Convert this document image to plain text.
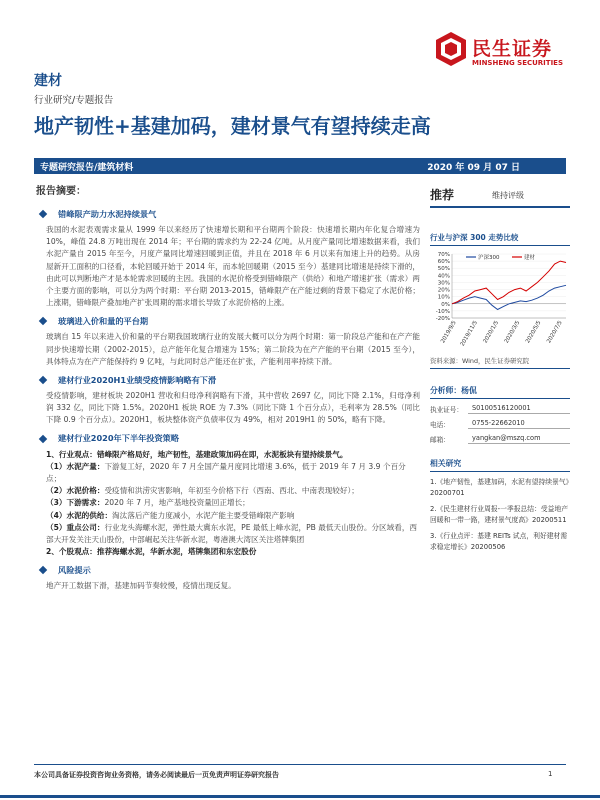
民生证券
MINSHENG SECURITIES
建材
行业研究/专题报告
地产韧性+基建加码，建材景气有望持续走高
专题研究报告/建筑材料	2020 年 09 月 07 日
报告摘要：
错峰限产助力水泥持续景气
我国的水泥表观需求量从 1999 年以来经历了快速增长期和平台期两个阶段：快速增长期内年化复合增速为 10%，峰值 24.8 万吨出现在 2014 年；平台期的需求约为 22-24 亿吨。从月度产量同比增速数据来看，我们水泥产量自 2015 年至今，月度产量同比增速回暖到正值，并且在 2018 年 6 月以来有加速上升的趋势。从房屋新开工面积的口径看，本轮回暖开始于 2014 年，而本轮回暖期（2015 至今）基建同比增速是持续下滑的，由此可以判断地产才是本轮需求回暖的主因。我国的水泥价格受到错峰限产（供给）和地产增速扩张（需求）两个主要方面的影响，可以分为两个时期：平台期 2013-2015，错峰限产在产能过剩的背景下稳定了水泥价格；上涨期，错峰限产叠加地产扩张周期的需求增长导致了水泥价格的上涨。
玻璃进入价和量的平台期
玻璃自 15 年以来进入价和量的平台期我国玻璃行业的发展大概可以分为两个时期：第一阶段总产能和在产产能同步快速增长期（2002-2015），总产能年化复合增速为 15%；第二阶段为在产产能的平台期（2015 至今），具体特点为在产产能保持约 9 亿吨，与此同时总产能还在扩张，产能利用率持续下滑。
建材行业2020H1业绩受疫情影响略有下滑
受疫情影响，建材板块 2020H1 营收和归母净利润略有下滑，其中营收 2697 亿，同比下降 2.1%，归母净利润 332 亿，同比下降 1.5%。2020H1 板块 ROE 为 7.3%（同比下降 1 个百分点），毛利率为 28.5%（同比下降 0.9 个百分点）。2020H1，板块整体资产负债率仅为 49%，相对 2019H1 的 50%，略有下降。
建材行业2020年下半年投资策略
1、行业观点：错峰限产格局好，地产韧性，基建政策加码在即，水泥板块有望持续景气。
（1）水泥产量：下游复工好，2020 年 7 月全国产量月度同比增速 3.6%，低于 2019 年 7 月 3.9 个百分点；
（2）水泥价格：受疫情和洪涝灾害影响，年初至今价格下行（西南、西北、中南表现较好）；
（3）下游需求：2020 年 7 月，地产基地投资量回正增长；
（4）水泥的供给：淘汰落后产能力度减小，水泥产能主要受错峰限产影响
（5）重点公司：行业龙头海螺水泥，弹性最大冀东水泥，PE 最低上峰水泥，PB 最低天山股份。分区域看，西部大开发关注天山股份，中部崛起关注华新水泥，粤港澳大湾区关注塔牌集团
2、个股观点：推荐海螺水泥，华新水泥，塔牌集团和东宏股份
风险提示
地产开工数据下滑，基建加码节奏较慢，疫情出现反复。
推荐	维持评级
行业与沪深 300 走势比较
-20%
-10%
0%
10%
20%
30%
40%
50%
60%
70%
2019/9/5 2019/11/5 2020/1/5 2020/3/5 2020/5/5 2020/7/5
沪深300	建材
资料来源：Wind，民生证券研究院
分析师：杨侃
执业证号：	S0100516120001
电话：	0755-22662010
邮箱：	yangkan@mszq.com
相关研究
1.《地产韧性，基建加码，水泥有望持续景气》20200701
2.《民生建材行业周报-一季报总结：受益地产回暖和一带一路，建材景气度高》20200511
3.《行业点评：基建 REITs 试点，利好建材需求稳定增长》20200506
本公司具备证券投资咨询业务资格，请务必阅读最后一页免责声明证券研究报告	1
